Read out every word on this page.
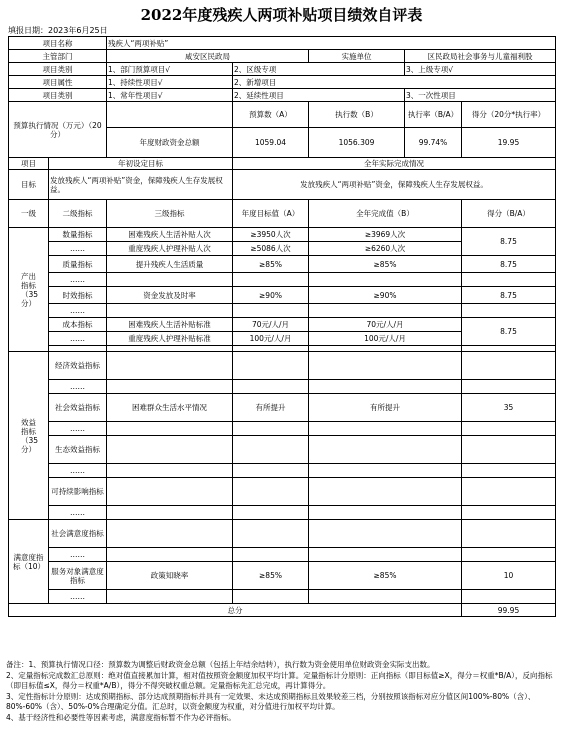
2022年度残疾人两项补贴项目绩效自评表
填报日期：2023年6月25日
项目名称		残疾人“两项补贴”				
主管部门		咸安区民政局		实施单位	区民政局社会事务与儿童福利股	
项目类别		1、部门预算项目√	2、区级专项		3、上级专项√	
项目属性		1、持续性项目√	2、新增项目			
项目类别		1、常年性项目√	2、延续性项目		3、一次性项目	
预算执行情况（万元）（20分）			预算数（A）	执行数（B）	执行率（B/A）	得分（20分*执行率）
		年度财政资金总额	1059.04	1056.309	99.74%	19.95
项目	年初设定目标		全年实际完成情况			
目标	发放残疾人“两项补贴”资金，保障残疾人生存发展权益。		发放残疾人“两项补贴”资金，保障残疾人生存发展权益。			
一级	二级指标	三级指标	年度目标值（A）	全年完成值（B）		得分（B/A）
产出指标（35分）	数量指标	困难残疾人生活补贴人次	≥3950人次	≥3969人次		8.75
	……	重度残疾人护理补贴人次	≥5086人次	≥6260人次		
	质量指标	提升残疾人生活质量	≥85%	≥85%		8.75
	……					
	时效指标	资金发放及时率	≥90%	≥90%		8.75
	……					
	成本指标	困难残疾人生活补贴标准	70元/人/月	70元/人/月		8.75
	……	重度残疾人护理补贴标准	100元/人/月	100元/人/月		

效益指标（35分）	经济效益指标					
	……					
	社会效益指标	困难群众生活水平情况	有所提升	有所提升		35
	……					
	生态效益指标					
	……					
	可持续影响指标					
	……					
满意度指标（10）	社会满意度指标					
	……					
	服务对象满意度指标	政策知晓率	≥85%	≥85%		10
	……					
总分						99.95

备注：1、预算执行情况口径：预算数为调整后财政资金总额（包括上年结余结转），执行数为资金使用单位财政资金实际支出数。

2、定量指标完成数汇总原则：绝对值直接累加计算，相对值按照资金额度加权平均计算。定量指标计分原则：正向指标（即目标值≥X，得分＝权重*B/A），反向指标（即目标值≤X，得分＝权重*A/B），得分不得突破权重总额。定量指标先汇总完成，再计算得分。

3、定性指标计分原则：达成预期指标、部分达成预期指标并具有一定效果、未达成预期指标且效果较差三档，分别按照该指标对应分值区间100%-80%（含）、80%-60%（含）、50%-0%合理确定分值。汇总时，以资金额度为权重，对分值进行加权平均计算。

4、基于经济性和必要性等因素考虑，满意度指标暂不作为必评指标。
